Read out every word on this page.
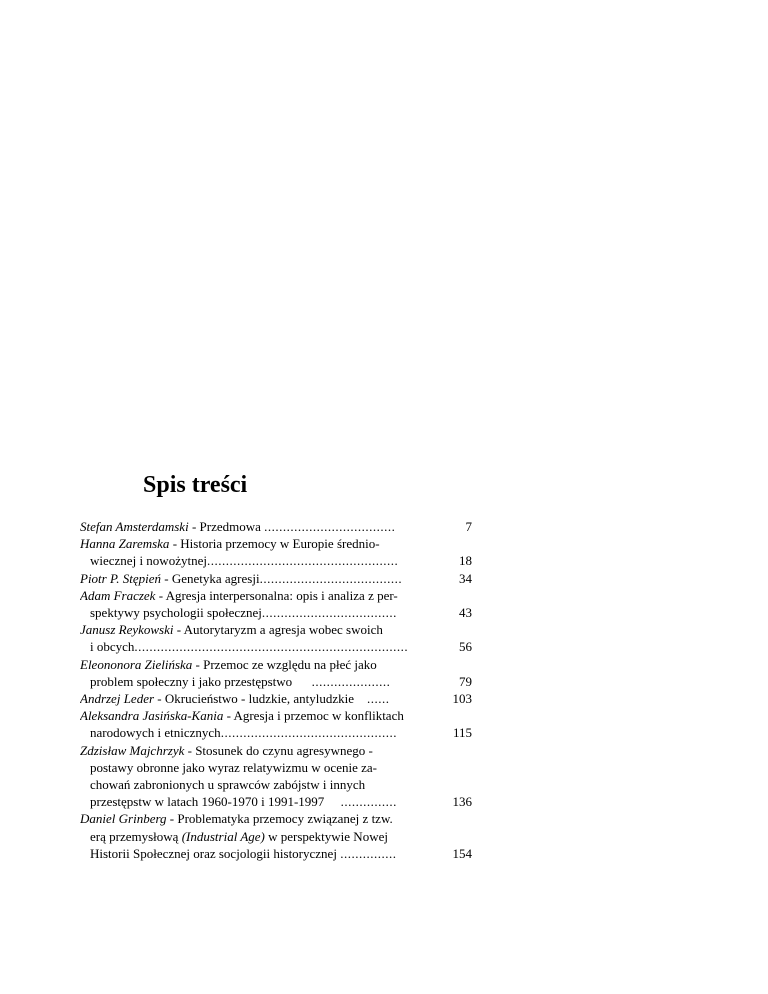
Spis treści
Stefan Amsterdamski - Przedmowa ...................................	7
Hanna Zaremska - Historia przemocy w Europie średnio-
wiecznej i nowożytnej...................................................	18
Piotr P. Stępień - Genetyka agresji......................................	34
Adam Fraczek - Agresja interpersonalna: opis i analiza z per-
spektywy psychologii społecznej....................................	43
Janusz Reykowski - Autorytaryzm a agresja wobec swoich
i obcych.........................................................................	56
Eleononora Zielińska - Przemoc ze względu na płeć jako
problem społeczny i jako przestępstwo      .....................	79
Andrzej Leder - Okrucieństwo - ludzkie, antyludzkie    ......	103
Aleksandra Jasińska-Kania - Agresja i przemoc w konfliktach
narodowych i etnicznych...............................................	115
Zdzisław Majchrzyk - Stosunek do czynu agresywnego -
postawy obronne jako wyraz relatywizmu w ocenie za-
chowań zabronionych u sprawców zabójstw i innych
przestępstw w latach 1960-1970 i 1991-1997     ...............	136
Daniel Grinberg - Problematyka przemocy związanej z tzw.
erą przemysłową (Industrial Age) w perspektywie Nowej
Historii Społecznej oraz socjologii historycznej ...............	154
